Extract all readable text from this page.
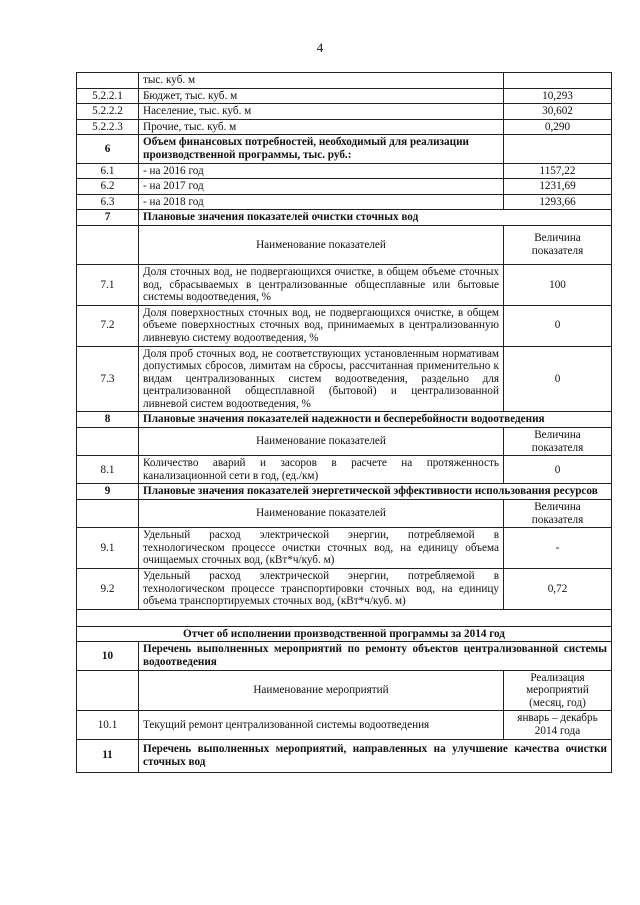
4
	тыс. куб. м	
5.2.2.1	Бюджет, тыс. куб. м	10,293
5.2.2.2	Население, тыс. куб. м	30,602
5.2.2.3	Прочие, тыс. куб. м	0,290
6	Объем финансовых потребностей, необходимый для реализации производственной программы, тыс. руб.:	
6.1	- на 2016 год	1157,22
6.2	- на 2017 год	1231,69
6.3	- на 2018 год	1293,66
7	Плановые значения показателей очистки сточных вод	
	Наименование показателей	Величина показателя
7.1	Доля сточных вод, не подвергающихся очистке, в общем объеме сточных вод, сбрасываемых в централизованные общесплавные или бытовые системы водоотведения, %	100
7.2	Доля поверхностных сточных вод, не подвергающихся очистке, в общем объеме поверхностных сточных вод, принимаемых в централизованную ливневую систему водоотведения, %	0
7.3	Доля проб сточных вод, не соответствующих установленным нормативам допустимых сбросов, лимитам на сбросы, рассчитанная применительно к видам централизованных систем водоотведения, раздельно для централизованной общесплавной (бытовой) и централизованной ливневой систем водоотведения, %	0
8	Плановые значения показателей надежности и бесперебойности водоотведения	
	Наименование показателей	Величина показателя
8.1	Количество аварий и засоров в расчете на протяженность канализационной сети в год, (ед./км)	0
9	Плановые значения показателей энергетической эффективности использования ресурсов	
	Наименование показателей	Величина показателя
9.1	Удельный расход электрической энергии, потребляемой в технологическом процессе очистки сточных вод, на единицу объема очищаемых сточных вод, (кВт*ч/куб. м)	-
9.2	Удельный расход электрической энергии, потребляемой в технологическом процессе транспортировки сточных вод, на единицу объема транспортируемых сточных вод, (кВт*ч/куб. м)	0,72

Отчет об исполнении производственной программы за 2014 год		
10	Перечень выполненных мероприятий по ремонту объектов централизованной системы водоотведения	
	Наименование мероприятий	Реализация мероприятий (месяц, год)
10.1	Текущий ремонт централизованной системы водоотведения	январь – декабрь 2014 года
11	Перечень выполненных мероприятий, направленных на улучшение качества очистки сточных вод	
